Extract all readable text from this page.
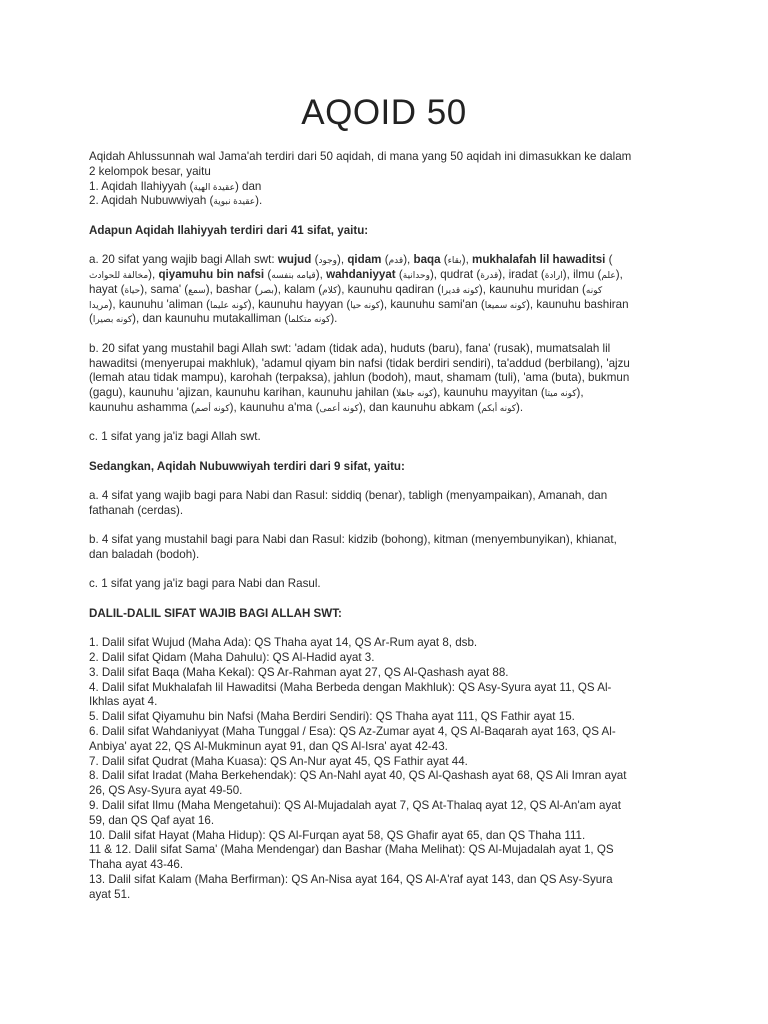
AQOID 50

Aqidah Ahlussunnah wal Jama'ah terdiri dari 50 aqidah, di mana yang 50 aqidah ini dimasukkan ke dalam
2 kelompok besar, yaitu
1. Aqidah Ilahiyyah (عقيدة الهية) dan
2. Aqidah Nubuwwiyah (عقيدة نبوية).

Adapun Aqidah Ilahiyyah terdiri dari 41 sifat, yaitu:

a. 20 sifat yang wajib bagi Allah swt: wujud (وجود), qidam (قدم), baqa (بقاء), mukhalafah lil hawaditsi (
مخالفة للحوادث), qiyamuhu bin nafsi (قيامه بنفسه), wahdaniyyat (وحدانية), qudrat (قدرة), iradat (ارادة), ilmu (علم),
hayat (حياة), sama' (سمع), bashar (بصر), kalam (كلام), kaunuhu qadiran (كونه قديرا), kaunuhu muridan (كونه
مريدا), kaunuhu 'aliman (كونه عليما), kaunuhu hayyan (كونه حيا), kaunuhu sami'an (كونه سميعا), kaunuhu bashiran
(كونه بصيرا), dan kaunuhu mutakalliman (كونه متكلما).

b. 20 sifat yang mustahil bagi Allah swt: 'adam (tidak ada), huduts (baru), fana' (rusak), mumatsalah lil
hawaditsi (menyerupai makhluk), 'adamul qiyam bin nafsi (tidak berdiri sendiri), ta'addud (berbilang), 'ajzu
(lemah atau tidak mampu), karohah (terpaksa), jahlun (bodoh), maut, shamam (tuli), 'ama (buta), bukmun
(gagu), kaunuhu 'ajizan, kaunuhu karihan, kaunuhu jahilan (كونه جاهلا), kaunuhu mayyitan (كونه ميتا),
kaunuhu ashamma (كونه أصم), kaunuhu a'ma (كونه أعمى), dan kaunuhu abkam (كونه أبكم).

c. 1 sifat yang ja'iz bagi Allah swt.

Sedangkan, Aqidah Nubuwwiyah terdiri dari 9 sifat, yaitu:

a. 4 sifat yang wajib bagi para Nabi dan Rasul: siddiq (benar), tabligh (menyampaikan), Amanah, dan
fathanah (cerdas).

b. 4 sifat yang mustahil bagi para Nabi dan Rasul: kidzib (bohong), kitman (menyembunyikan), khianat,
dan baladah (bodoh).

c. 1 sifat yang ja'iz bagi para Nabi dan Rasul.

DALIL-DALIL SIFAT WAJIB BAGI ALLAH SWT:

1. Dalil sifat Wujud (Maha Ada): QS Thaha ayat 14, QS Ar-Rum ayat 8, dsb.
2. Dalil sifat Qidam (Maha Dahulu): QS Al-Hadid ayat 3.
3. Dalil sifat Baqa (Maha Kekal): QS Ar-Rahman ayat 27, QS Al-Qashash ayat 88.
4. Dalil sifat Mukhalafah lil Hawaditsi (Maha Berbeda dengan Makhluk): QS Asy-Syura ayat 11, QS Al-
Ikhlas ayat 4.
5. Dalil sifat Qiyamuhu bin Nafsi (Maha Berdiri Sendiri): QS Thaha ayat 111, QS Fathir ayat 15.
6. Dalil sifat Wahdaniyyat (Maha Tunggal / Esa): QS Az-Zumar ayat 4, QS Al-Baqarah ayat 163, QS Al-
Anbiya' ayat 22, QS Al-Mukminun ayat 91, dan QS Al-Isra' ayat 42-43.
7. Dalil sifat Qudrat (Maha Kuasa): QS An-Nur ayat 45, QS Fathir ayat 44.
8. Dalil sifat Iradat (Maha Berkehendak): QS An-Nahl ayat 40, QS Al-Qashash ayat 68, QS Ali Imran ayat
26, QS Asy-Syura ayat 49-50.
9. Dalil sifat Ilmu (Maha Mengetahui): QS Al-Mujadalah ayat 7, QS At-Thalaq ayat 12, QS Al-An'am ayat
59, dan QS Qaf ayat 16.
10. Dalil sifat Hayat (Maha Hidup): QS Al-Furqan ayat 58, QS Ghafir ayat 65, dan QS Thaha 111.
11 & 12. Dalil sifat Sama' (Maha Mendengar) dan Bashar (Maha Melihat): QS Al-Mujadalah ayat 1, QS
Thaha ayat 43-46.
13. Dalil sifat Kalam (Maha Berfirman): QS An-Nisa ayat 164, QS Al-A'raf ayat 143, dan QS Asy-Syura
ayat 51.
